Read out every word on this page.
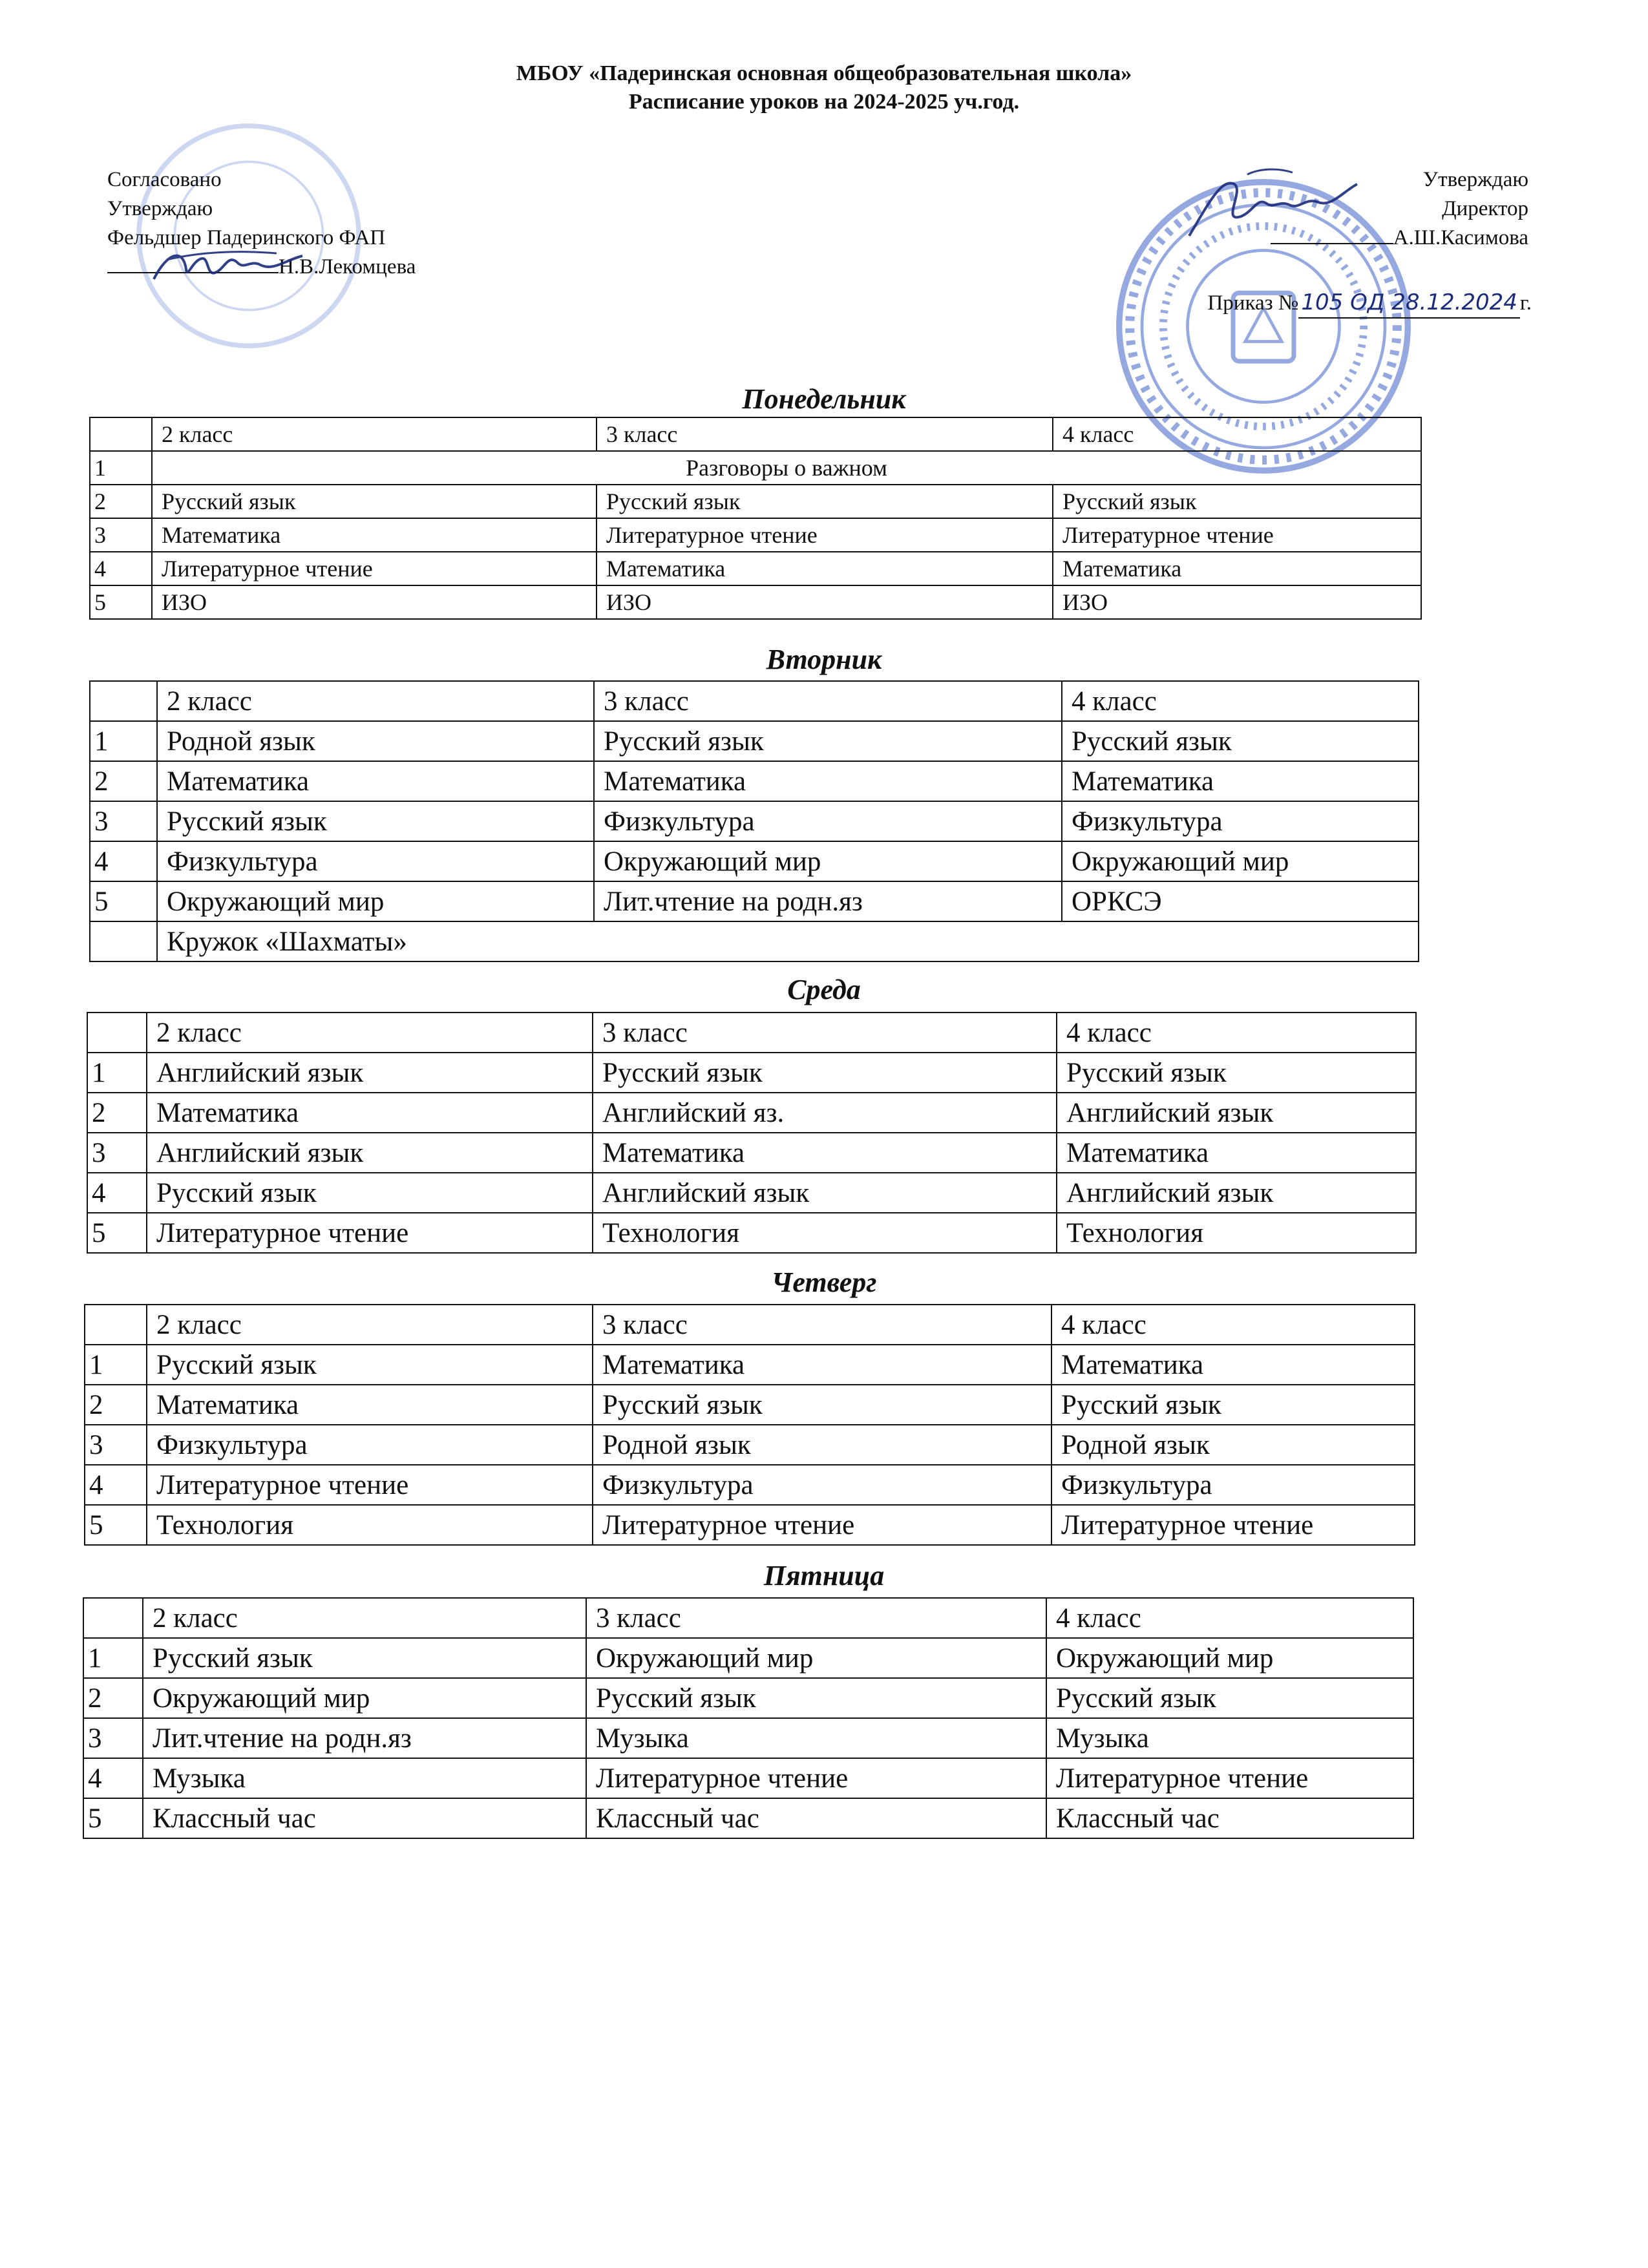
МБОУ «Падеринская основная общеобразовательная школа»
Расписание уроков на 2024-2025 уч.год.
Согласовано
Утверждаю
Фельдшер Падеринского ФАП
Н.В.Лекомцева
Утверждаю
Директор
А.Ш.Касимова
Приказ № 105 ОД 28.12.2024 г.
Понедельник
	2 класс	3 класс	4 класс
1	Разговоры о важном		
2	Русский язык	Русский язык	Русский язык
3	Математика	Литературное чтение	Литературное чтение
4	Литературное чтение	Математика	Математика
5	ИЗО	ИЗО	ИЗО
Вторник
	2 класс	3 класс	4 класс
1	Родной язык	Русский язык	Русский язык
2	Математика	Математика	Математика
3	Русский язык	Физкультура	Физкультура
4	Физкультура	Окружающий мир	Окружающий мир
5	Окружающий мир	Лит.чтение на родн.яз	ОРКСЭ
	Кружок «Шахматы»		
Среда
	2 класс	3 класс	4 класс
1	Английский язык	Русский язык	Русский язык
2	Математика	Английский яз.	Английский язык
3	Английский язык	Математика	Математика
4	Русский язык	Английский язык	Английский язык
5	Литературное чтение	Технология	Технология
Четверг
	2 класс	3 класс	4 класс
1	Русский язык	Математика	Математика
2	Математика	Русский язык	Русский язык
3	Физкультура	Родной язык	Родной язык
4	Литературное чтение	Физкультура	Физкультура
5	Технология	Литературное чтение	Литературное чтение
Пятница
	2 класс	3 класс	4 класс
1	Русский язык	Окружающий мир	Окружающий мир
2	Окружающий мир	Русский язык	Русский язык
3	Лит.чтение на родн.яз	Музыка	Музыка
4	Музыка	Литературное чтение	Литературное чтение
5	Классный час	Классный час	Классный час
